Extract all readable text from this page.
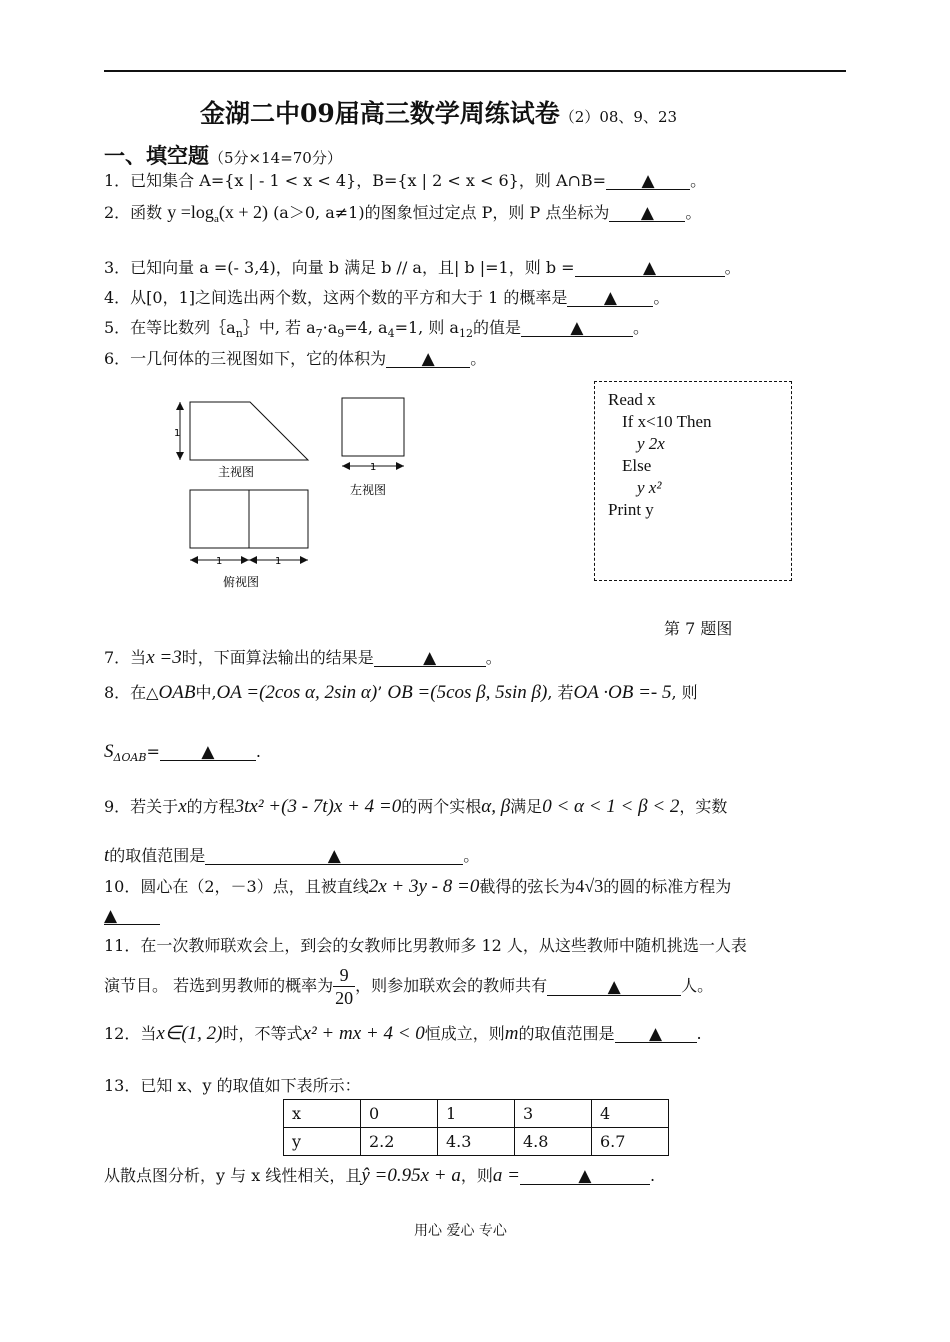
金湖二中09届高三数学周练试卷（2）08、9、23
一、填空题（5分×14=70分）
1．已知集合 A={x | - 1 < x < 4}，B={x | 2 < x < 6}，则 A∩B= ▲ 。
2．函数 $y =\log_a(x + 2)$ (a＞0, a≠1)的图象恒过定点 P，则 P 点坐标为 ▲ 。
3．已知向量 a =(- 3,4)，向量 b 满足 b // a，且| b |=1，则 b =	▲	。
4．从[0，1]之间选出两个数，这两个数的平方和大于 1 的概率是 ▲ 。
5．在等比数列$\{a_n\}$中, 若 $a_7\cdot a_9=4$, $a_4=1$, 则 $a_{12}$的值是	▲	。
6．一几何体的三视图如下，它的体积为 ▲ 。
1
主视图	1
左视图
1	1
俯视图
Read x
If x<10 Then
y 2x
Else
y x²
Print y
第 7 题图
7．当x =3时，下面算法输出的结果是	▲	。
8．在△OAB中,OA =(2cos α, 2sin α)’ OB =(5cos β, 5sin β), 若OA ·OB =- 5, 则
$S_{\Delta OAB}=$ ▲	.
9．若关于x的方程3tx² +(3 - 7t)x + 4 =0的两个实根α, β满足0 < α < 1 < β < 2，实数
t的取值范围是	▲	。
10．圆心在（2，－3）点，且被直线2x + 3y - 8 =0截得的弦长为4√3的圆的标准方程为
▲
11．在一次教师联欢会上，到会的女教师比男教师多 12 人，从这些教师中随机挑选一人表
演节目。 若选到男教师的概率为 $\frac{9}{20}$ ，则参加联欢会的教师共有	▲	人。
12．当x∈(1, 2)时，不等式x² + mx + 4 < 0恒成立，则m的取值范围是 ▲ .
13．已知 x、y 的取值如下表所示：
x	0	1	3	4
y	2.2	4.3	4.8	6.7
从散点图分析，y 与 x 线性相关，且ŷ =0.95x + a，则a =	▲	.
用心 爱心 专心
